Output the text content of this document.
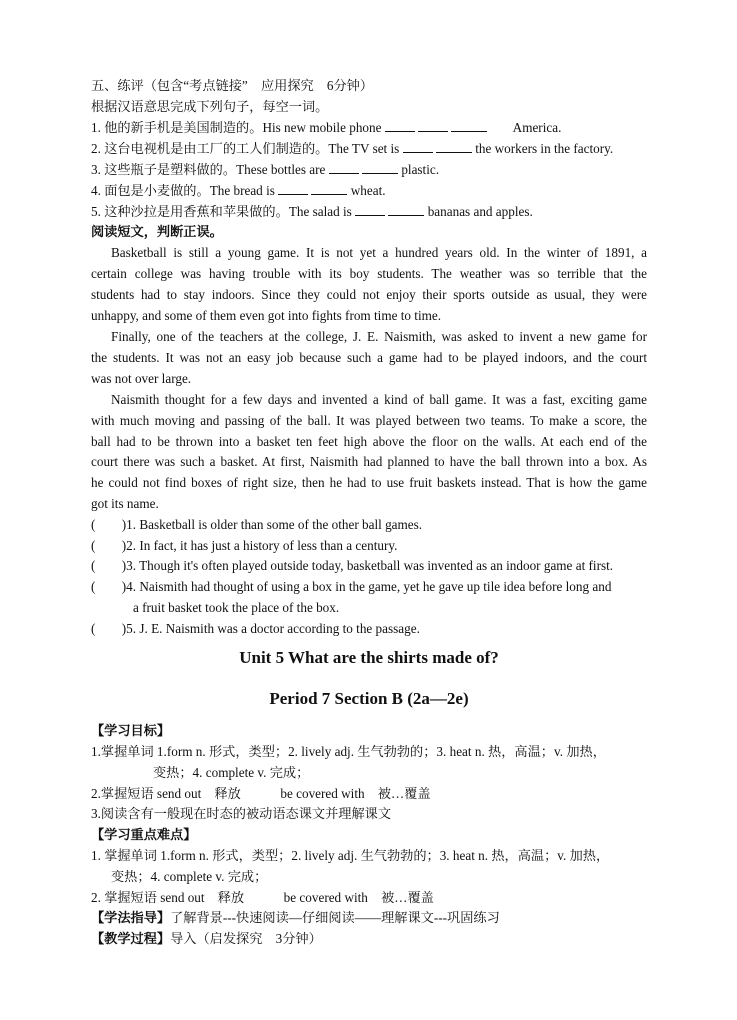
五、练评（包含“考点链接”　应用探究　6分钟）
根据汉语意思完成下列句子，每空一词。
1. 他的新手机是美国制造的。His new mobile phone	America.
2. 这台电视机是由工厂的工人们制造的。The TV set is	the workers in the factory.
3. 这些瓶子是塑料做的。These bottles are	plastic.
4. 面包是小麦做的。The bread is	wheat.
5. 这种沙拉是用香蕉和苹果做的。The salad is	bananas and apples.
阅读短文，判断正误。
Basketball is still a young game. It is not yet a hundred years old. In the winter of 1891, a
certain college was having trouble with its boy students. The weather was so terrible that the
students had to stay indoors. Since they could not enjoy their sports outside as usual, they were
unhappy, and some of them even got into fights from time to time.
Finally, one of the teachers at the college, J. E. Naismith, was asked to invent a new game for
the students. It was not an easy job because such a game had to be played indoors, and the court
was not over large.
Naismith thought for a few days and invented a kind of ball game. It was a fast, exciting game
with much moving and passing of the ball. It was played between two teams. To make a score, the
ball had to be thrown into a basket ten feet high above the floor on the walls. At each end of the
court there was such a basket. At first, Naismith had planned to have the ball thrown into a box. As
he could not find boxes of right size, then he had to use fruit baskets instead. That is how the game
got its name.
(　　)1. Basketball is older than some of the other ball games.
(　　)2. In fact, it has just a history of less than a century.
(　　)3. Though it's often played outside today, basketball was invented as an indoor game at first.
(　　)4. Naismith had thought of using a box in the game, yet he gave up tile idea before long and
a fruit basket took the place of the box.
(　　)5. J. E. Naismith was a doctor according to the passage.
Unit 5 What are the shirts made of?
Period 7 Section B (2a—2e)
【学习目标】
1.掌握单词 1.form n. 形式，类型；2. lively adj. 生气勃勃的；3. heat n. 热，高温；v. 加热，
变热；4. complete v. 完成；
2.掌握短语 send out　释放　　　be covered with　被…覆盖
3.阅读含有一般现在时态的被动语态课文并理解课文
【学习重点难点】
1. 掌握单词 1.form n. 形式，类型；2. lively adj. 生气勃勃的；3. heat n. 热，高温；v. 加热，
变热；4. complete v. 完成；
2. 掌握短语 send out　释放　　　be covered with　被…覆盖
【学法指导】了解背景---快速阅读—仔细阅读——理解课文---巩固练习
【教学过程】导入（启发探究　3分钟）
